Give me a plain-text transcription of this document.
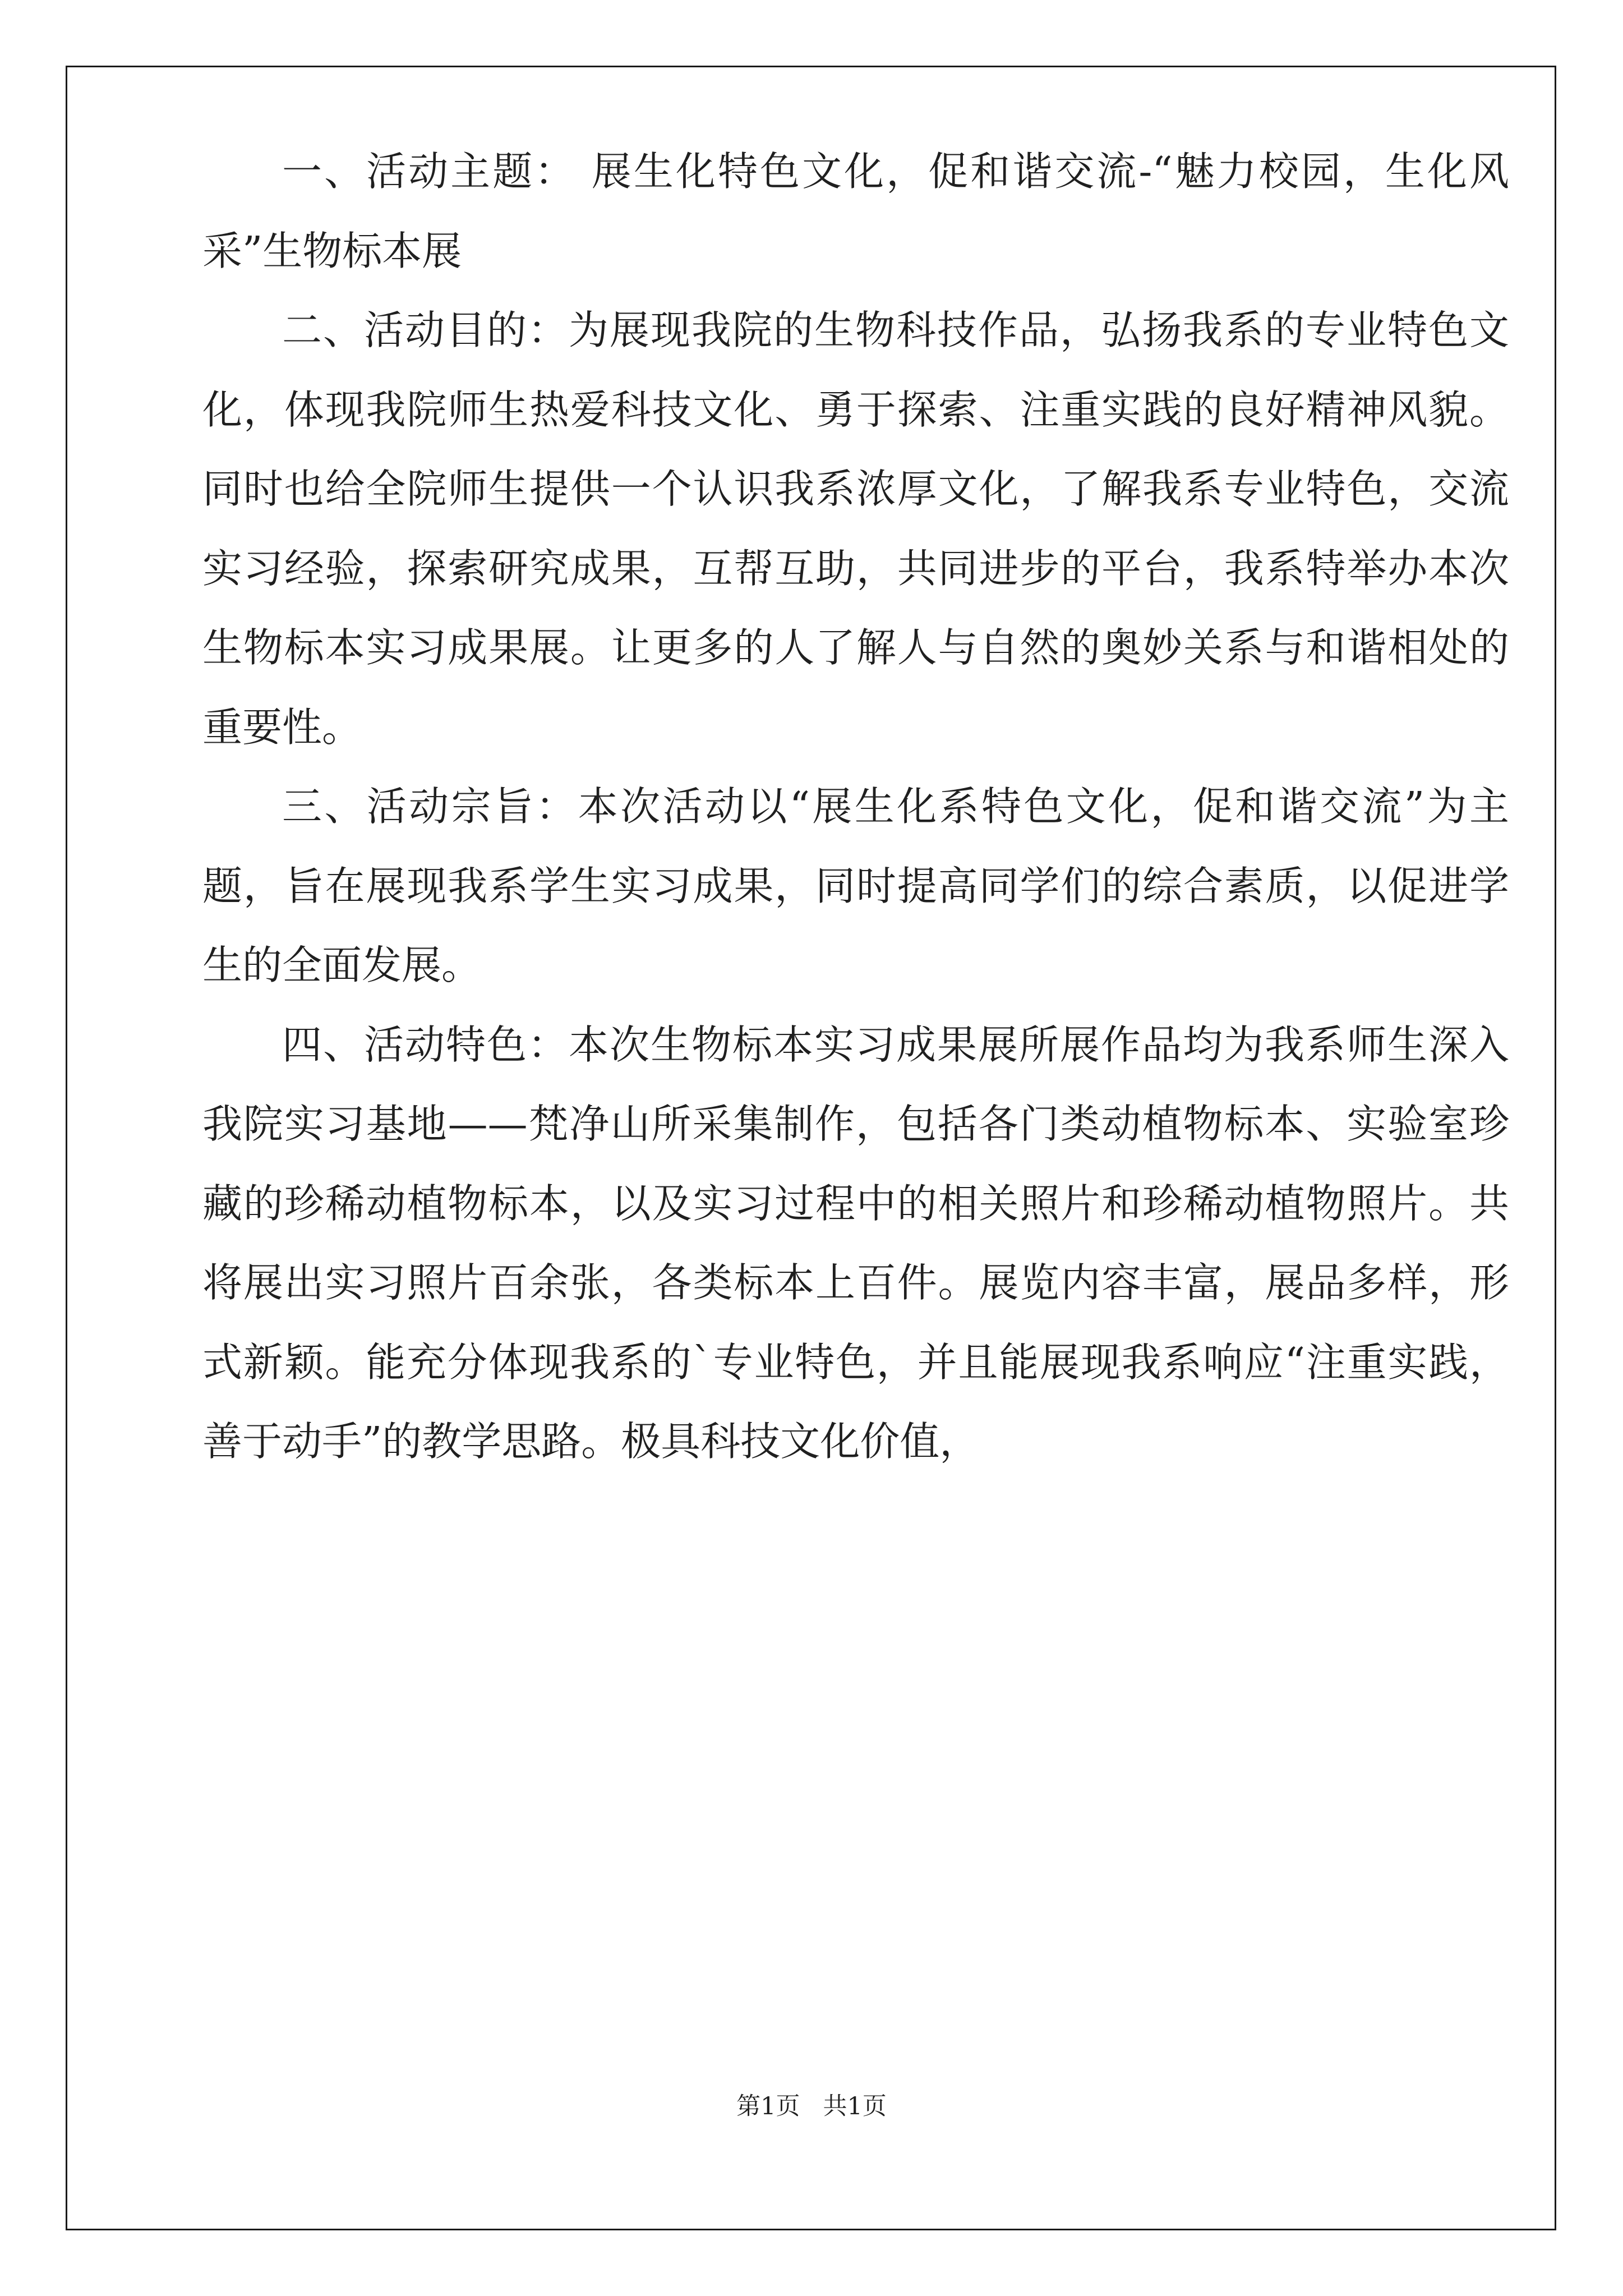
一、活动主题： 展生化特色文化，促和谐交流-“魅力校园，生化风采”生物标本展

二、活动目的：为展现我院的生物科技作品，弘扬我系的专业特色文化，体现我院师生热爱科技文化、勇于探索、注重实践的良好精神风貌。同时也给全院师生提供一个认识我系浓厚文化，了解我系专业特色，交流实习经验，探索研究成果，互帮互助，共同进步的平台，我系特举办本次生物标本实习成果展。让更多的人了解人与自然的奥妙关系与和谐相处的重要性。

三、活动宗旨：本次活动以“展生化系特色文化，促和谐交流”为主题，旨在展现我系学生实习成果，同时提高同学们的综合素质，以促进学生的全面发展。

四、活动特色：本次生物标本实习成果展所展作品均为我系师生深入我院实习基地——梵净山所采集制作，包括各门类动植物标本、实验室珍藏的珍稀动植物标本，以及实习过程中的相关照片和珍稀动植物照片。共将展出实习照片百余张，各类标本上百件。展览内容丰富，展品多样，形式新颖。能充分体现我系的`专业特色，并且能展现我系响应“注重实践，善于动手”的教学思路。极具科技文化价值，

第1页   共1页
